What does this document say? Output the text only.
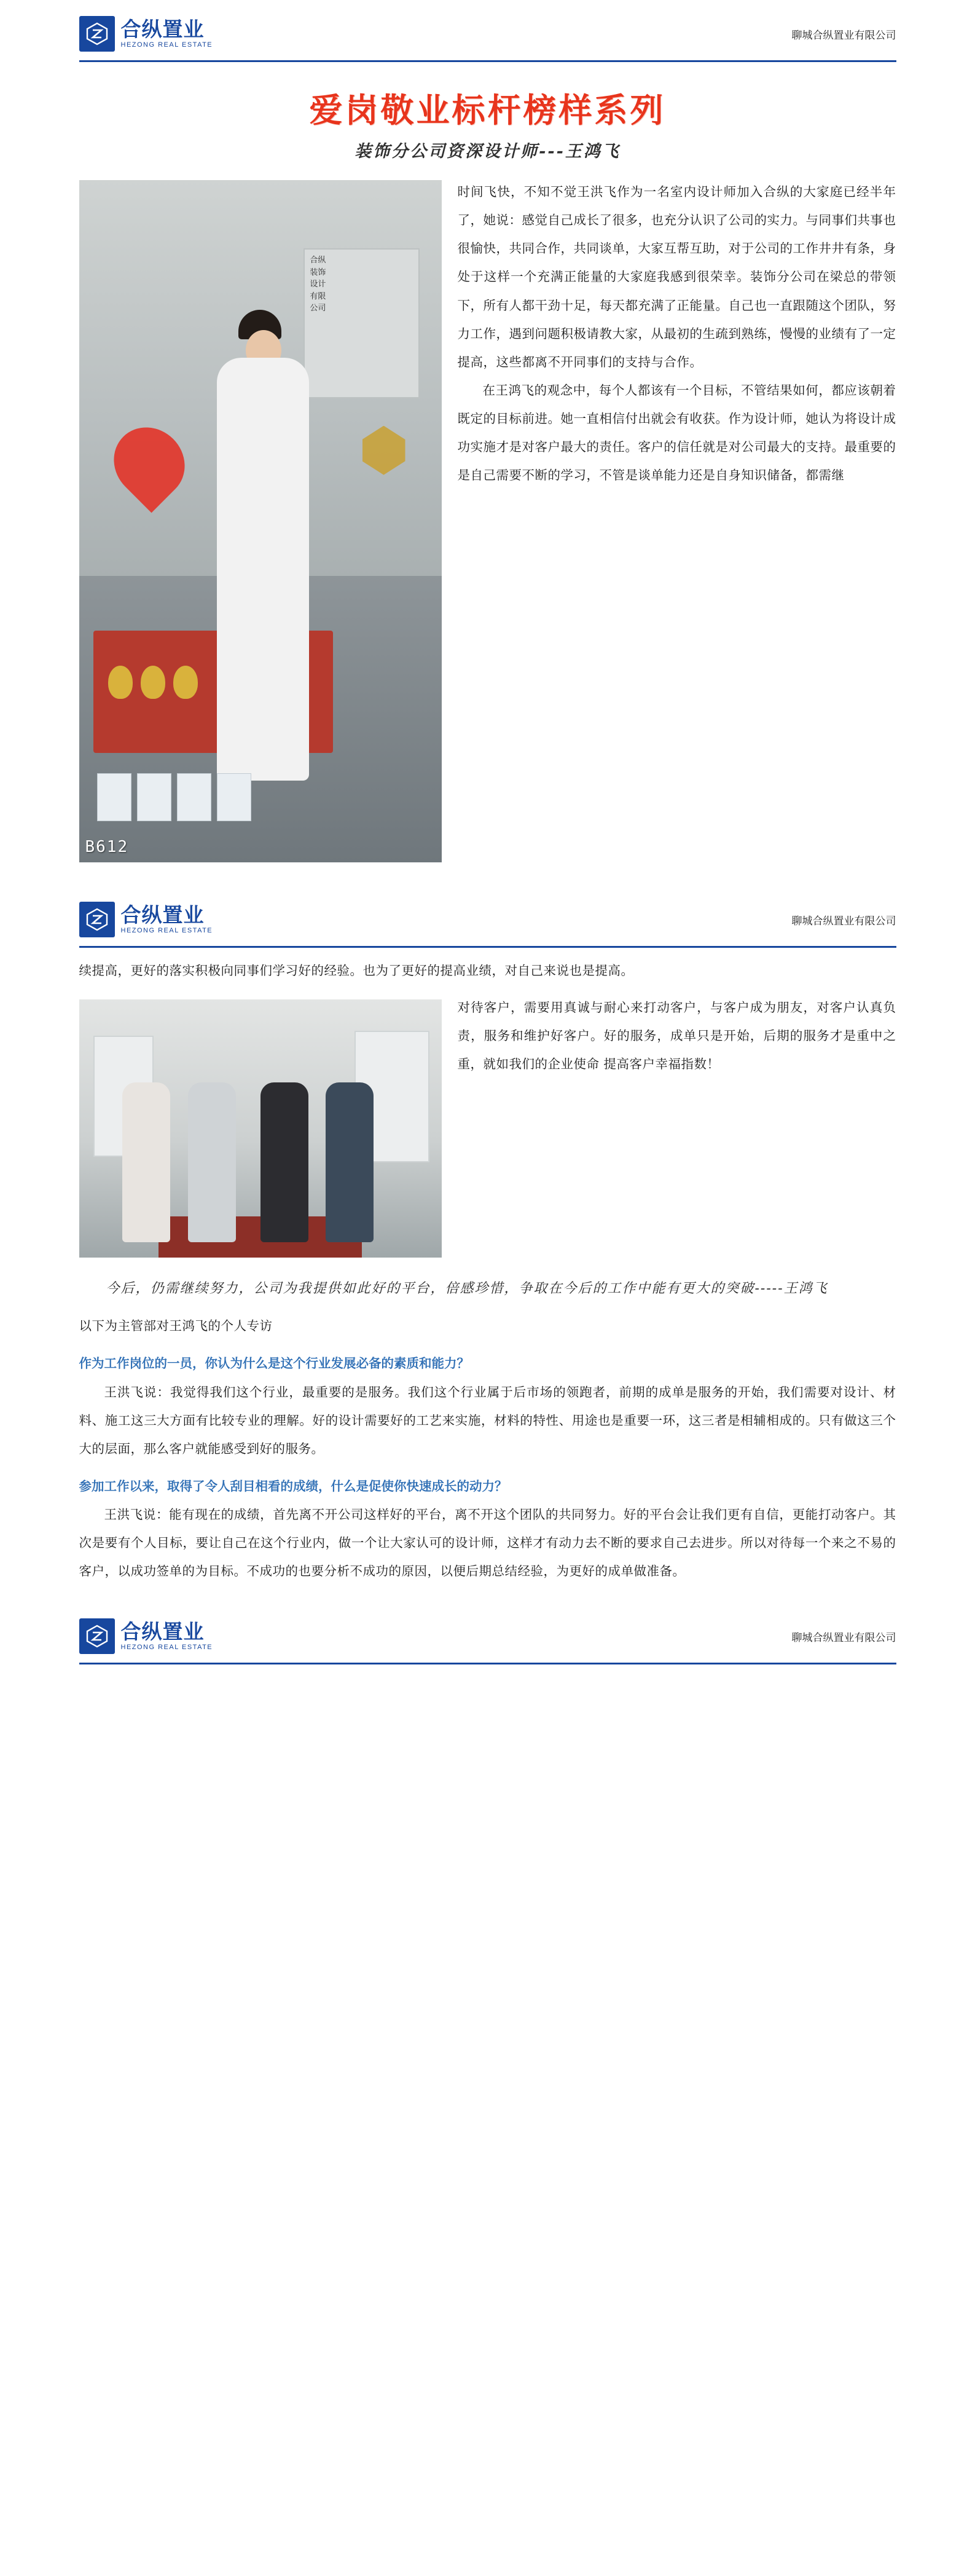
合纵置业
HEZONG REAL ESTATE
聊城合纵置业有限公司
爱岗敬业标杆榜样系列
装饰分公司资深设计师---王鸿飞
合纵
装饰
设计
有限
公司
B612
时间飞快，不知不觉王洪飞作为一名室内设计师加入合纵的大家庭已经半年了，她说：感觉自己成长了很多，也充分认识了公司的实力。与同事们共事也很愉快，共同合作，共同谈单，大家互帮互助，对于公司的工作井井有条，身处于这样一个充满正能量的大家庭我感到很荣幸。装饰分公司在梁总的带领下，所有人都干劲十足，每天都充满了正能量。自己也一直跟随这个团队，努力工作，遇到问题积极请教大家，从最初的生疏到熟练，慢慢的业绩有了一定提高，这些都离不开同事们的支持与合作。
在王鸿飞的观念中，每个人都该有一个目标，不管结果如何，都应该朝着既定的目标前进。她一直相信付出就会有收获。作为设计师，她认为将设计成功实施才是对客户最大的责任。客户的信任就是对公司最大的支持。最重要的是自己需要不断的学习，不管是谈单能力还是自身知识储备，都需继
合纵置业
HEZONG REAL ESTATE
聊城合纵置业有限公司
续提高，更好的落实积极向同事们学习好的经验。也为了更好的提高业绩，对自己来说也是提高。
对待客户，需要用真诚与耐心来打动客户，与客户成为朋友，对客户认真负责，服务和维护好客户。好的服务，成单只是开始，后期的服务才是重中之重，就如我们的企业使命 提高客户幸福指数！
今后，仍需继续努力，公司为我提供如此好的平台，倍感珍惜，争取在今后的工作中能有更大的突破-----王鸿飞
以下为主管部对王鸿飞的个人专访
作为工作岗位的一员，你认为什么是这个行业发展必备的素质和能力？
王洪飞说：我觉得我们这个行业，最重要的是服务。我们这个行业属于后市场的领跑者，前期的成单是服务的开始，我们需要对设计、材料、施工这三大方面有比较专业的理解。好的设计需要好的工艺来实施，材料的特性、用途也是重要一环，这三者是相辅相成的。只有做这三个大的层面，那么客户就能感受到好的服务。
参加工作以来，取得了令人刮目相看的成绩，什么是促使你快速成长的动力？
王洪飞说：能有现在的成绩，首先离不开公司这样好的平台，离不开这个团队的共同努力。好的平台会让我们更有自信，更能打动客户。其次是要有个人目标，要让自己在这个行业内，做一个让大家认可的设计师，这样才有动力去不断的要求自己去进步。所以对待每一个来之不易的客户，以成功签单的为目标。不成功的也要分析不成功的原因，以便后期总结经验，为更好的成单做准备。
合纵置业
HEZONG REAL ESTATE
聊城合纵置业有限公司
